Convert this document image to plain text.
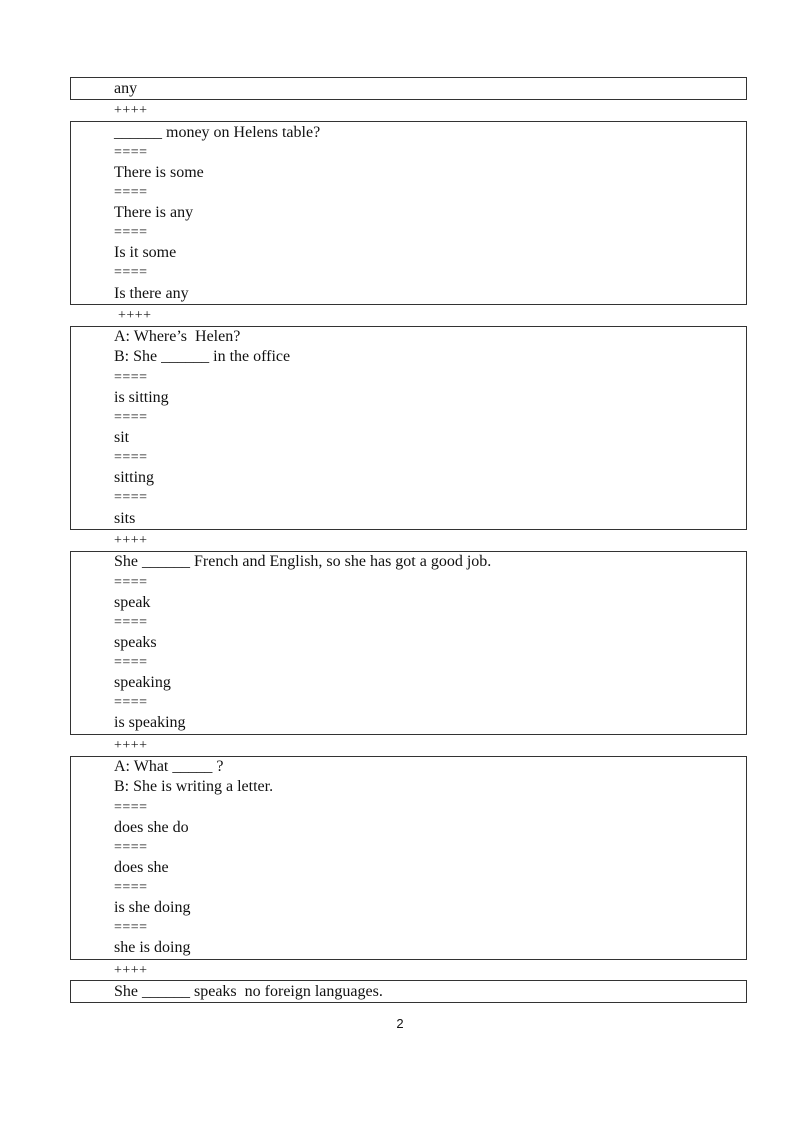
any
++++
______ money on Helens table?
====
There is some
====
There is any
====
Is it some
====
Is there any
++++
A: Where’s  Helen?
B: She ______ in the office
====
is sitting
====
sit
====
sitting
====
sits
++++
She ______ French and English, so she has got a good job.
====
speak
====
speaks
====
speaking
====
is speaking
++++
A: What _____ ?
B: She is writing a letter.
====
does she do
====
does she
====
is she doing
====
she is doing
++++
She ______ speaks  no foreign languages.
2
